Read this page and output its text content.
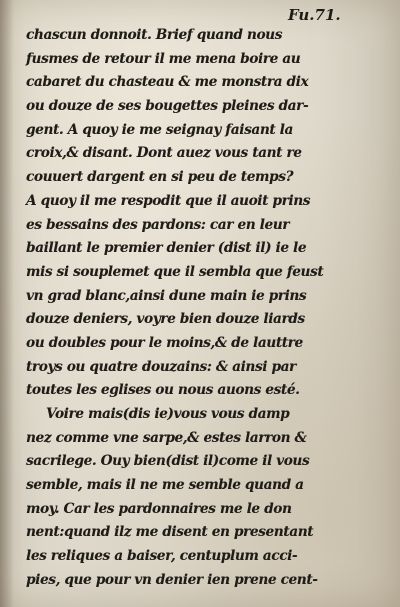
Fu.71.
chascun donnoit. Brief quand nous
fusmes de retour il me mena boire au
cabaret du chasteau & me monstra dix
ou douze de ses bougettes pleines dar-
gent. A quoy ie me seignay faisant la
croix,& disant. Dont auez vous tant re
couuert dargent en si peu de temps?
A quoy il me respodit que il auoit prins
es bessains des pardons: car en leur
baillant le premier denier (dist il) ie le
mis si souplemet que il sembla que feust
vn grad blanc,ainsi dune main ie prins
douze deniers, voyre bien douze liards
ou doubles pour le moins,& de lauttre
troys ou quatre douzains: & ainsi par
toutes les eglises ou nous auons esté.
Voire mais(dis ie)vous vous damp
nez comme vne sarpe,& estes larron &
sacrilege. Ouy bien(dist il)come il vous
semble, mais il ne me semble quand a
moy. Car les pardonnaires me le don
nent:quand ilz me disent en presentant
les reliques a baiser, centuplum acci-
pies, que pour vn denier ien prene cent-
